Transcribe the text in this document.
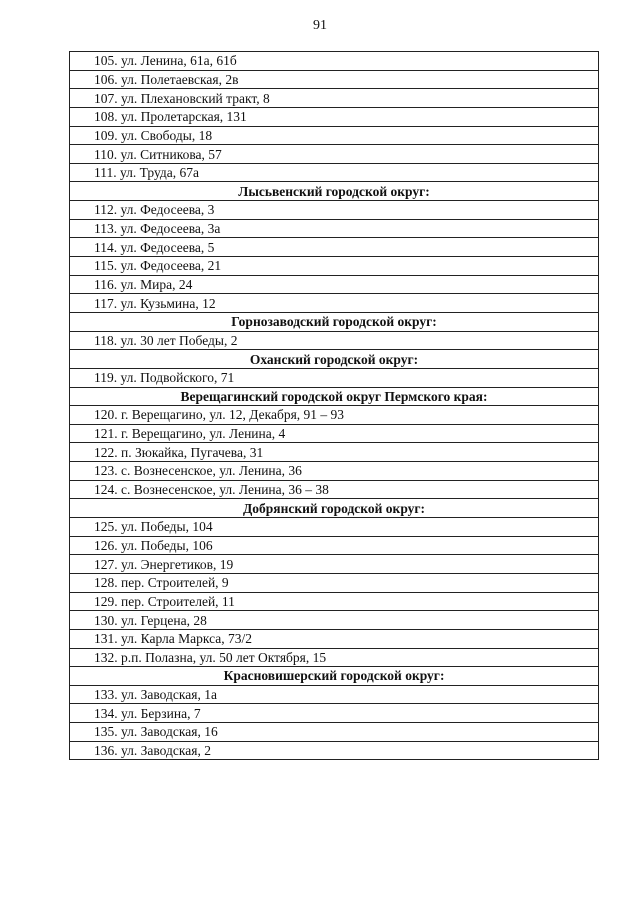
91
105. ул. Ленина, 61а, 61б
106. ул. Полетаевская, 2в
107. ул. Плехановский тракт, 8
108. ул. Пролетарская, 131
109. ул. Свободы, 18
110. ул. Ситникова, 57
111. ул. Труда, 67а
Лысьвенский городской округ:
112. ул. Федосеева, 3
113. ул. Федосеева, 3а
114. ул. Федосеева, 5
115. ул. Федосеева, 21
116. ул. Мира, 24
117. ул. Кузьмина, 12
Горнозаводский городской округ:
118. ул. 30 лет Победы, 2
Оханский городской округ:
119. ул. Подвойского, 71
Верещагинский городской округ Пермского края:
120. г. Верещагино, ул. 12, Декабря, 91 – 93
121. г. Верещагино, ул. Ленина, 4
122. п. Зюкайка, Пугачева, 31
123. с. Вознесенское, ул. Ленина, 36
124. с. Вознесенское, ул. Ленина, 36 – 38
Добрянский городской округ:
125. ул. Победы, 104
126. ул. Победы, 106
127. ул. Энергетиков, 19
128. пер. Строителей, 9
129. пер. Строителей, 11
130. ул. Герцена, 28
131. ул. Карла Маркса, 73/2
132. р.п. Полазна, ул. 50 лет Октября, 15
Красновишерский городской округ:
133. ул. Заводская, 1а
134. ул. Берзина, 7
135. ул. Заводская, 16
136. ул. Заводская, 2
